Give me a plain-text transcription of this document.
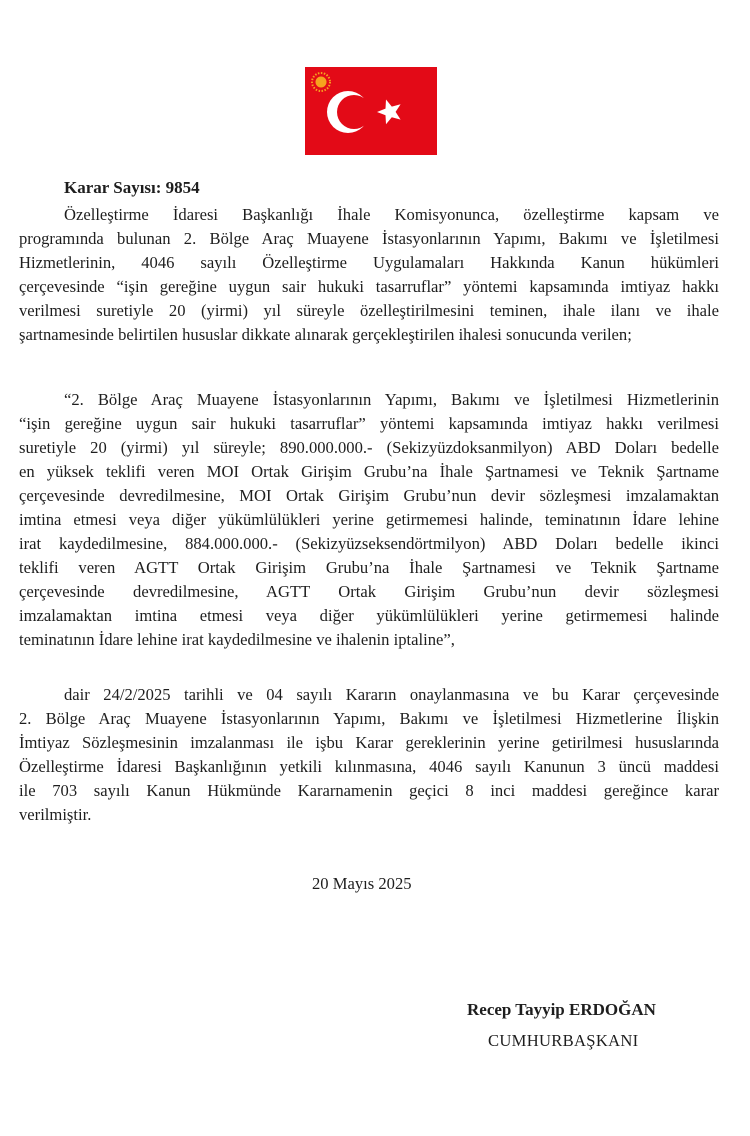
Karar Sayısı: 9854
Özelleştirme İdaresi Başkanlığı İhale Komisyonunca, özelleştirme kapsam ve
programında bulunan 2. Bölge Araç Muayene İstasyonlarının Yapımı, Bakımı ve İşletilmesi
Hizmetlerinin, 4046 sayılı Özelleştirme Uygulamaları Hakkında Kanun hükümleri
çerçevesinde “işin gereğine uygun sair hukuki tasarruflar” yöntemi kapsamında imtiyaz hakkı
verilmesi suretiyle 20 (yirmi) yıl süreyle özelleştirilmesini teminen, ihale ilanı ve ihale
şartnamesinde belirtilen hususlar dikkate alınarak gerçekleştirilen ihalesi sonucunda verilen;
“2. Bölge Araç Muayene İstasyonlarının Yapımı, Bakımı ve İşletilmesi Hizmetlerinin
“işin gereğine uygun sair hukuki tasarruflar” yöntemi kapsamında imtiyaz hakkı verilmesi
suretiyle 20 (yirmi) yıl süreyle; 890.000.000.- (Sekizyüzdoksanmilyon) ABD Doları bedelle
en yüksek teklifi veren MOI Ortak Girişim Grubu’na İhale Şartnamesi ve Teknik Şartname
çerçevesinde devredilmesine, MOI Ortak Girişim Grubu’nun devir sözleşmesi imzalamaktan
imtina etmesi veya diğer yükümlülükleri yerine getirmemesi halinde, teminatının İdare lehine
irat kaydedilmesine, 884.000.000.- (Sekizyüzseksendörtmilyon) ABD Doları bedelle ikinci
teklifi veren AGTT Ortak Girişim Grubu’na İhale Şartnamesi ve Teknik Şartname
çerçevesinde devredilmesine, AGTT Ortak Girişim Grubu’nun devir sözleşmesi
imzalamaktan imtina etmesi veya diğer yükümlülükleri yerine getirmemesi halinde
teminatının İdare lehine irat kaydedilmesine ve ihalenin iptaline”,
dair 24/2/2025 tarihli ve 04 sayılı Kararın onaylanmasına ve bu Karar çerçevesinde
2. Bölge Araç Muayene İstasyonlarının Yapımı, Bakımı ve İşletilmesi Hizmetlerine İlişkin
İmtiyaz Sözleşmesinin imzalanması ile işbu Karar gereklerinin yerine getirilmesi hususlarında
Özelleştirme İdaresi Başkanlığının yetkili kılınmasına, 4046 sayılı Kanunun 3 üncü maddesi
ile 703 sayılı Kanun Hükmünde Kararnamenin geçici 8 inci maddesi gereğince karar
verilmiştir.
20 Mayıs 2025
Recep Tayyip ERDOĞAN
CUMHURBAŞKANI
